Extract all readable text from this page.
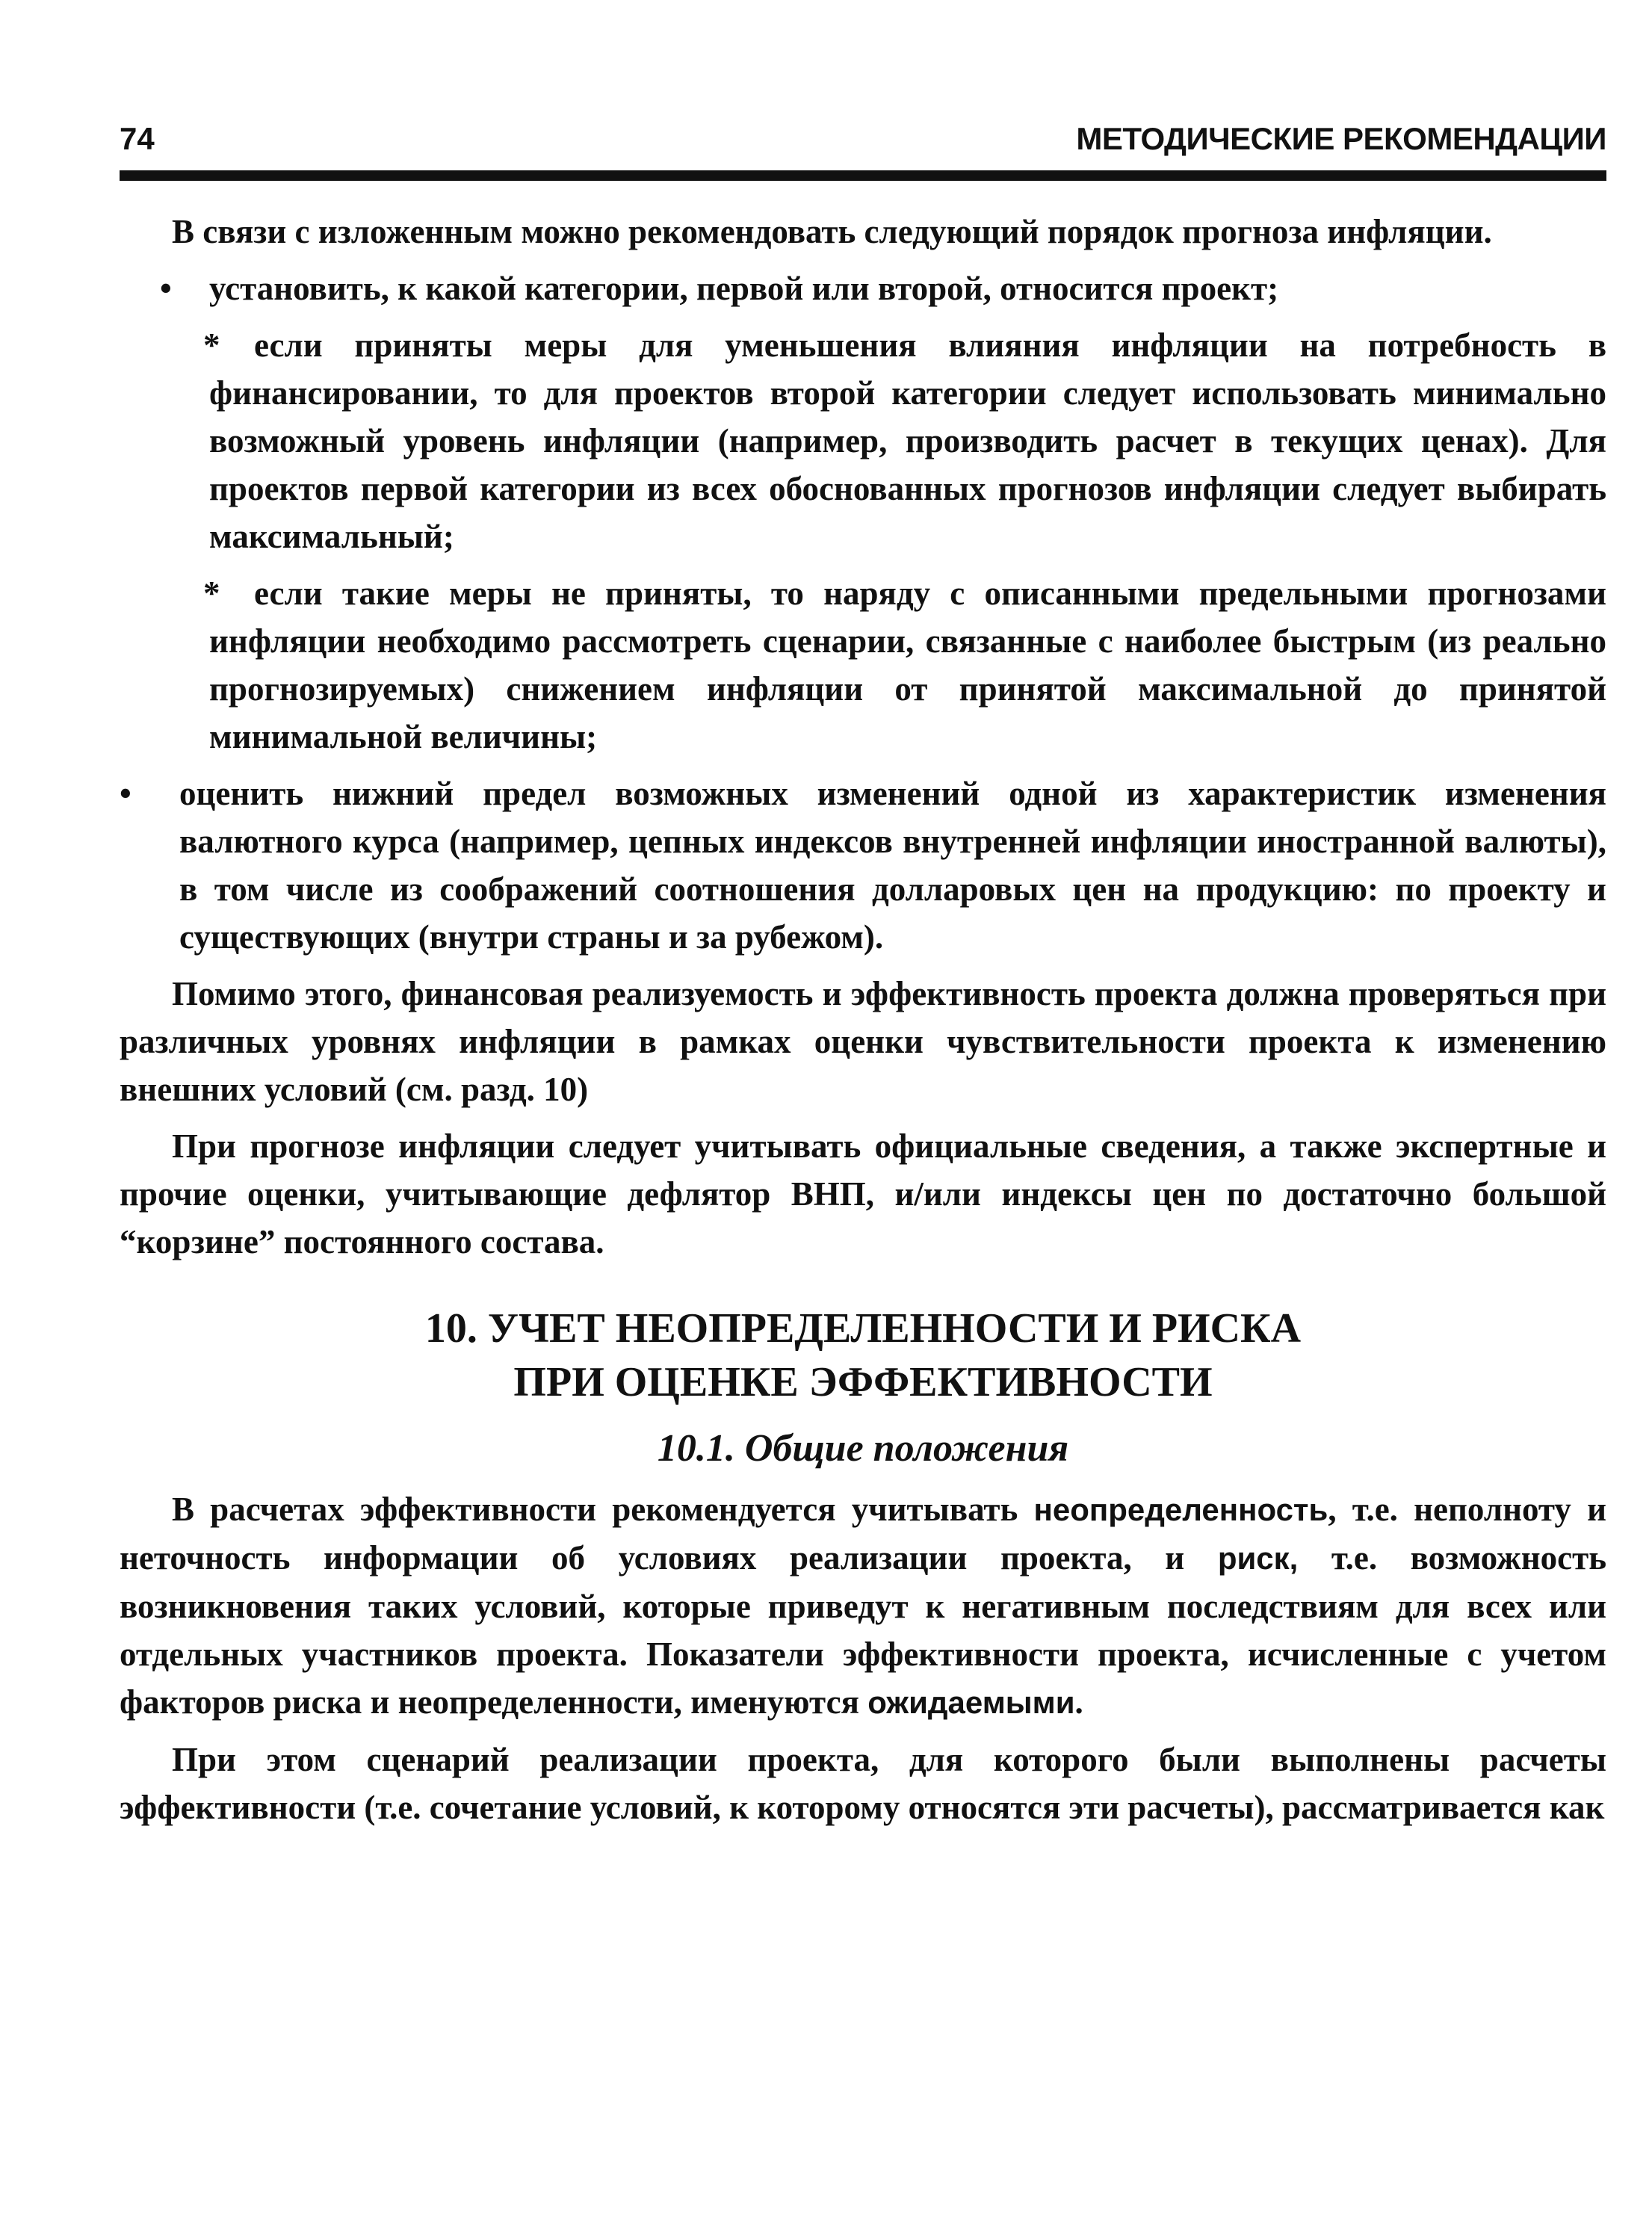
74	МЕТОДИЧЕСКИЕ РЕКОМЕНДАЦИИ

В связи с изложенным можно рекомендовать следующий порядок прогноза инфляции.

• установить, к какой категории, первой или второй, относится проект;

* если приняты меры для уменьшения влияния инфляции на потребность в финансировании, то для проектов второй категории следует использовать минимально возможный уровень инфляции (например, производить расчет в текущих ценах). Для проектов первой категории из всех обоснованных прогнозов инфляции следует выбирать максимальный;

* если такие меры не приняты, то наряду с описанными предельными прогнозами инфляции необходимо рассмотреть сценарии, связанные с наиболее быстрым (из реально прогнозируемых) снижением инфляции от принятой максимальной до принятой минимальной величины;

• оценить нижний предел возможных изменений одной из характеристик изменения валютного курса (например, цепных индексов внутренней инфляции иностранной валюты), в том числе из соображений соотношения долларовых цен на продукцию: по проекту и существующих (внутри страны и за рубежом).

Помимо этого, финансовая реализуемость и эффективность проекта должна проверяться при различных уровнях инфляции в рамках оценки чувствительности проекта к изменению внешних условий (см. разд. 10)

При прогнозе инфляции следует учитывать официальные сведения, а также экспертные и прочие оценки, учитывающие дефлятор ВНП, и/или индексы цен по достаточно большой “корзине” постоянного состава.

10. УЧЕТ НЕОПРЕДЕЛЕННОСТИ И РИСКА
ПРИ ОЦЕНКЕ ЭФФЕКТИВНОСТИ
10.1. Общие положения

В расчетах эффективности рекомендуется учитывать неопределенность, т.е. неполноту и неточность информации об условиях реализации проекта, и риск, т.е. возможность возникновения таких условий, которые приведут к негативным последствиям для всех или отдельных участников проекта. Показатели эффективности проекта, исчисленные с учетом факторов риска и неопределенности, именуются ожидаемыми.

При этом сценарий реализации проекта, для которого были выполнены расчеты эффективности (т.е. сочетание условий, к которому относятся эти расчеты), рассматривается как
